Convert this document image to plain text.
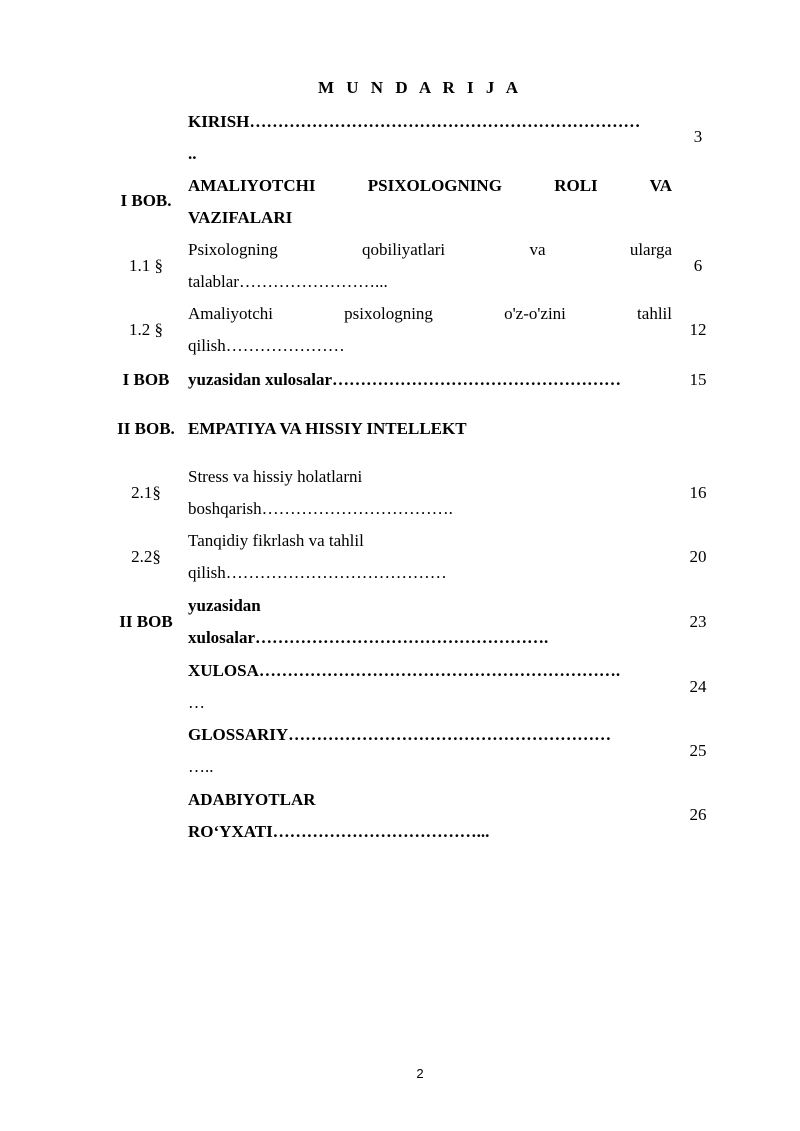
M U N D A R I J A
KIRISH……………………………………………………………
..
3
I BOB.
AMALIYOTCHI PSIXOLOGNING ROLI VA
VAZIFALARI
1.1 §
Psixologning qobiliyatlari va ularga
talablar……………………...
6
1.2 §
Amaliyotchi psixologning o'z-o'zini tahlil
qilish…………………
12
I BOB	yuzasidan xulosalar……………………………………………	15
II BOB. EMPATIYA VA HISSIY INTELLEKT
2.1§
Stress va hissiy holatlarni
boshqarish…………………………….
16
2.2§
Tanqidiy fikrlash va tahlil
qilish…………………………………
20
II BOB
yuzasidan
xulosalar…………………………………………….
23
XULOSA……………………………………………………….
…
24
GLOSSARIY…………………………………………………
…..
25
ADABIYOTLAR
RO‘YXATI………………………………...
26
2
